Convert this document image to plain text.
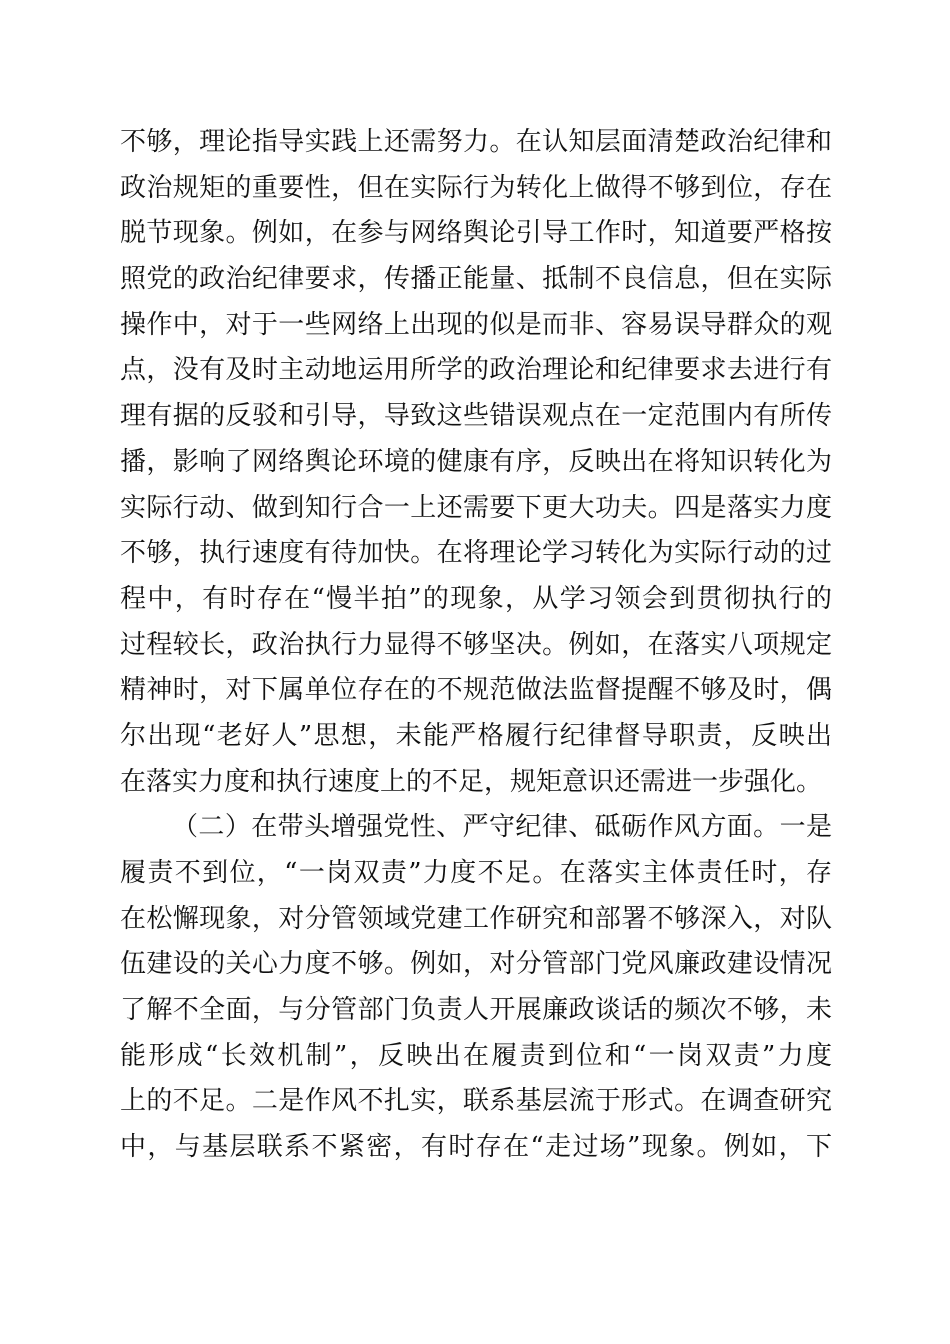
不够，理论指导实践上还需努力。在认知层面清楚政治纪律和
政治规矩的重要性，但在实际行为转化上做得不够到位，存在
脱节现象。例如，在参与网络舆论引导工作时，知道要严格按
照党的政治纪律要求，传播正能量、抵制不良信息，但在实际
操作中，对于一些网络上出现的似是而非、容易误导群众的观
点，没有及时主动地运用所学的政治理论和纪律要求去进行有
理有据的反驳和引导，导致这些错误观点在一定范围内有所传
播，影响了网络舆论环境的健康有序，反映出在将知识转化为
实际行动、做到知行合一上还需要下更大功夫。四是落实力度
不够，执行速度有待加快。在将理论学习转化为实际行动的过
程中，有时存在“慢半拍”的现象，从学习领会到贯彻执行的
过程较长，政治执行力显得不够坚决。例如，在落实八项规定
精神时，对下属单位存在的不规范做法监督提醒不够及时，偶
尔出现“老好人”思想，未能严格履行纪律督导职责，反映出
在落实力度和执行速度上的不足，规矩意识还需进一步强化。
（二）在带头增强党性、严守纪律、砥砺作风方面。一是
履责不到位，“一岗双责”力度不足。在落实主体责任时，存
在松懈现象，对分管领域党建工作研究和部署不够深入，对队
伍建设的关心力度不够。例如，对分管部门党风廉政建设情况
了解不全面，与分管部门负责人开展廉政谈话的频次不够，未
能形成“长效机制”，反映出在履责到位和“一岗双责”力度
上的不足。二是作风不扎实，联系基层流于形式。在调查研究
中，与基层联系不紧密，有时存在“走过场”现象。例如，下
